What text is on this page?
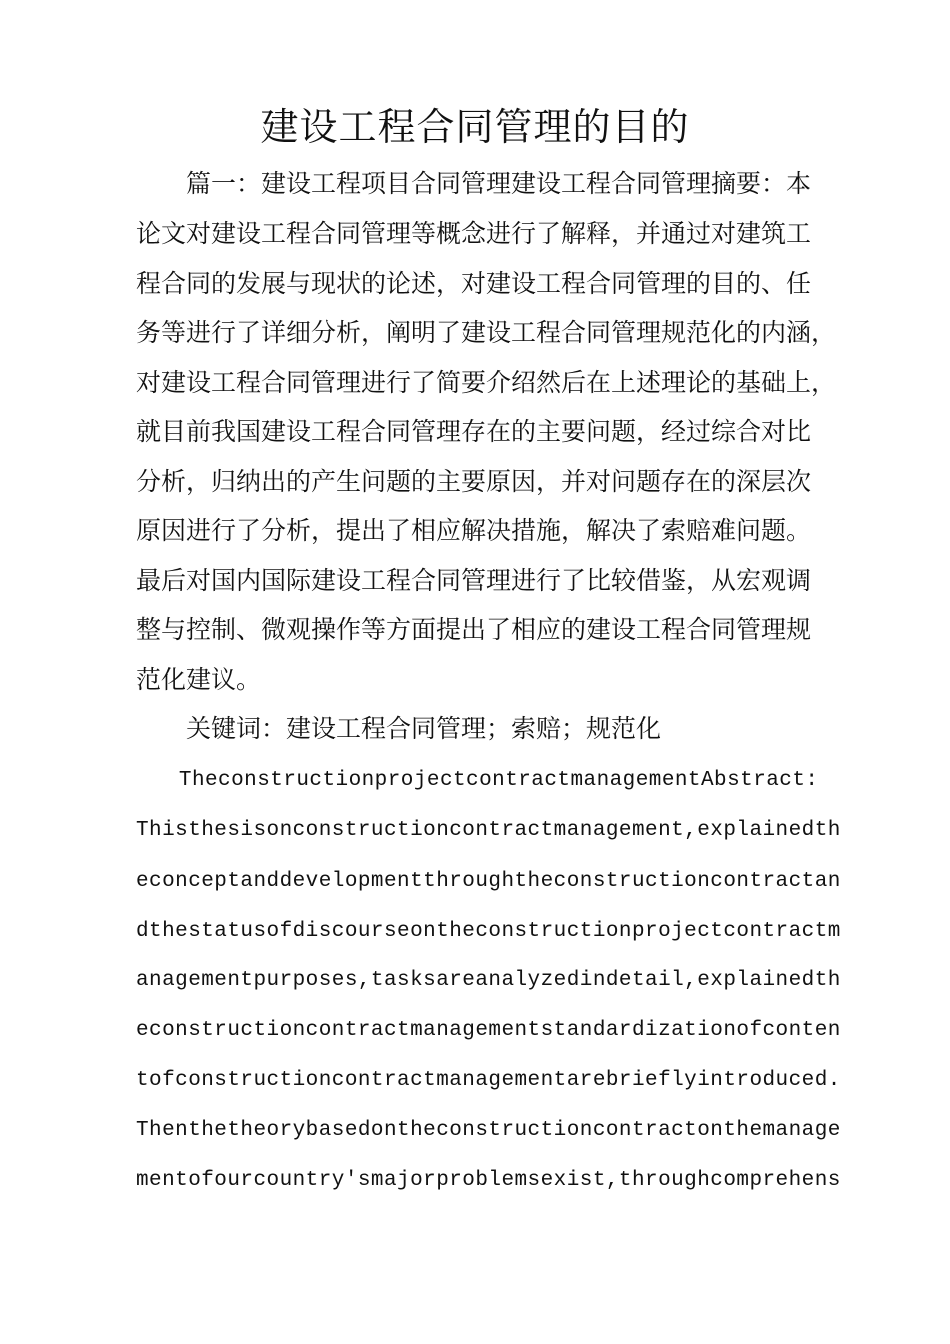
建设工程合同管理的目的
　　篇一：建设工程项目合同管理建设工程合同管理摘要：本
论文对建设工程合同管理等概念进行了解释，并通过对建筑工
程合同的发展与现状的论述，对建设工程合同管理的目的、任
务等进行了详细分析，阐明了建设工程合同管理规范化的内涵，
对建设工程合同管理进行了简要介绍然后在上述理论的基础上，
就目前我国建设工程合同管理存在的主要问题，经过综合对比
分析，归纳出的产生问题的主要原因，并对问题存在的深层次
原因进行了分析，提出了相应解决措施，解决了索赔难问题。
最后对国内国际建设工程合同管理进行了比较借鉴，从宏观调
整与控制、微观操作等方面提出了相应的建设工程合同管理规
范化建议。
　　关键词：建设工程合同管理；索赔；规范化
　　TheconstructionprojectcontractmanagementAbstract:
Thisthesisonconstructioncontractmanagement,explainedth
econceptanddevelopmentthroughtheconstructioncontractan
dthestatusofdiscourseontheconstructionprojectcontractm
anagementpurposes,tasksareanalyzedindetail,explainedth
econstructioncontractmanagementstandardizationofconten
tofconstructioncontractmanagementarebrieflyintroduced.
Thenthetheorybasedontheconstructioncontractonthemanage
mentofourcountry'smajorproblemsexist,throughcomprehens
